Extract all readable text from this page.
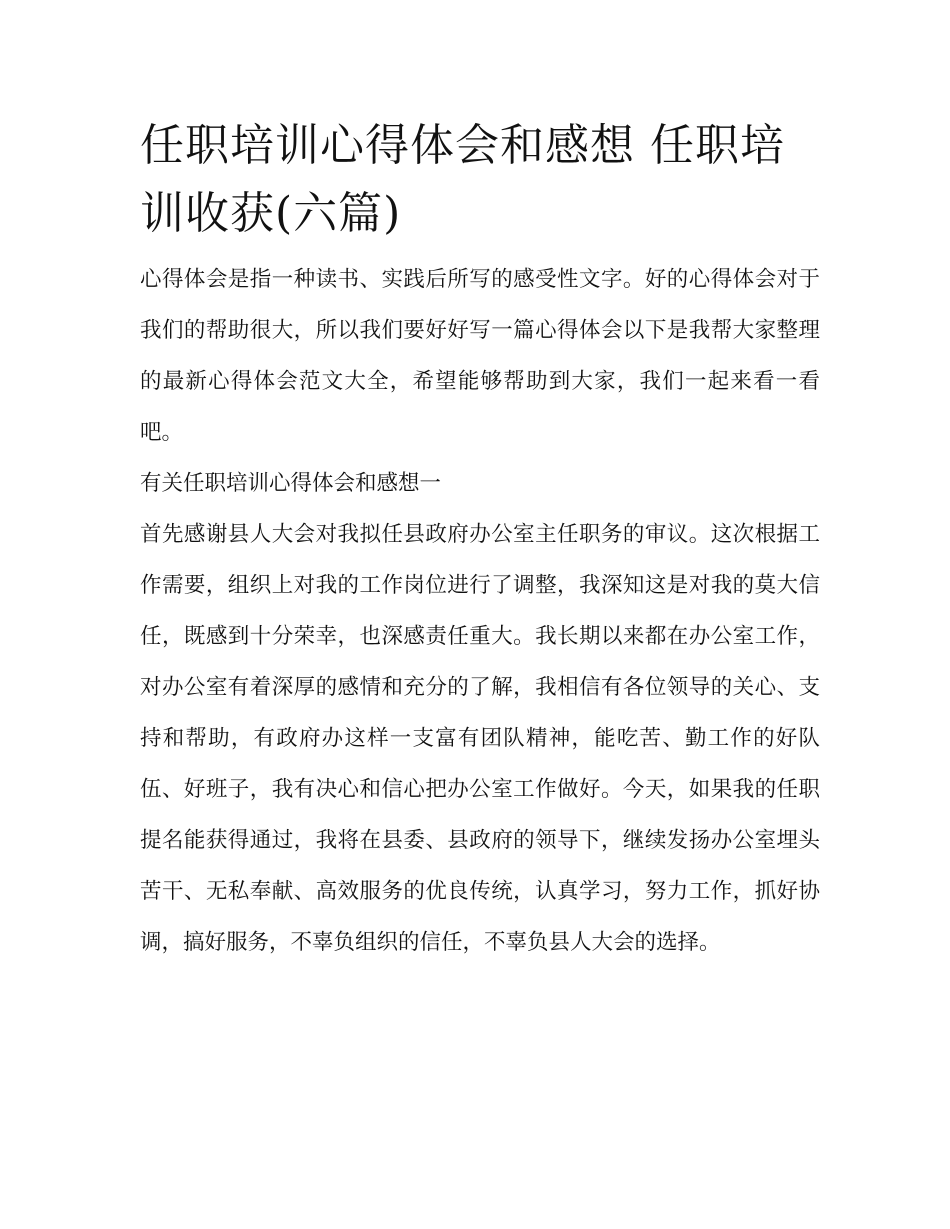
任职培训心得体会和感想 任职培训收获(六篇)

心得体会是指一种读书、实践后所写的感受性文字。好的心得体会对于我们的帮助很大，所以我们要好好写一篇心得体会以下是我帮大家整理的最新心得体会范文大全，希望能够帮助到大家，我们一起来看一看吧。

有关任职培训心得体会和感想一

首先感谢县人大会对我拟任县政府办公室主任职务的审议。这次根据工作需要，组织上对我的工作岗位进行了调整，我深知这是对我的莫大信任，既感到十分荣幸，也深感责任重大。我长期以来都在办公室工作，对办公室有着深厚的感情和充分的了解，我相信有各位领导的关心、支持和帮助，有政府办这样一支富有团队精神，能吃苦、勤工作的好队伍、好班子，我有决心和信心把办公室工作做好。今天，如果我的任职提名能获得通过，我将在县委、县政府的领导下，继续发扬办公室埋头苦干、无私奉献、高效服务的优良传统，认真学习，努力工作，抓好协调，搞好服务，不辜负组织的信任，不辜负县人大会的选择。
